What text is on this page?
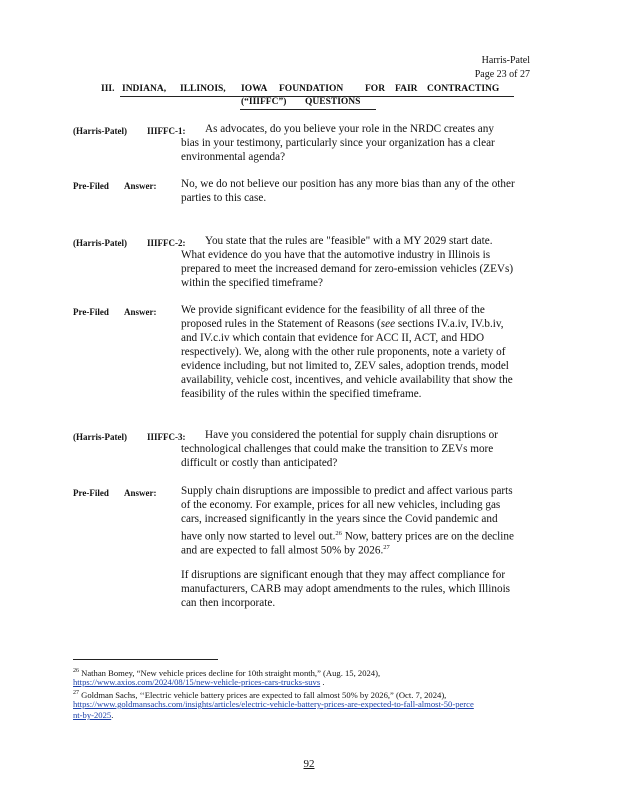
Harris-Patel
Page 23 of 27
III. INDIANA, ILLINOIS, IOWA FOUNDATION FOR FAIR CONTRACTING
(“IIIFFC”) QUESTIONS
(Harris-Patel) IIIFFC-1: As advocates, do you believe your role in the NRDC creates any
bias in your testimony, particularly since your organization has a clear
environmental agenda?
Pre-Filed Answer: No, we do not believe our position has any more bias than any of the other
parties to this case.
(Harris-Patel) IIIFFC-2: You state that the rules are "feasible" with a MY 2029 start date.
What evidence do you have that the automotive industry in Illinois is
prepared to meet the increased demand for zero-emission vehicles (ZEVs)
within the specified timeframe?
Pre-Filed Answer: We provide significant evidence for the feasibility of all three of the
proposed rules in the Statement of Reasons (see sections IV.a.iv, IV.b.iv,
and IV.c.iv which contain that evidence for ACC II, ACT, and HDO
respectively). We, along with the other rule proponents, note a variety of
evidence including, but not limited to, ZEV sales, adoption trends, model
availability, vehicle cost, incentives, and vehicle availability that show the
feasibility of the rules within the specified timeframe.
(Harris-Patel) IIIFFC-3: Have you considered the potential for supply chain disruptions or
technological challenges that could make the transition to ZEVs more
difficult or costly than anticipated?
Pre-Filed Answer: Supply chain disruptions are impossible to predict and affect various parts
of the economy. For example, prices for all new vehicles, including gas
cars, increased significantly in the years since the Covid pandemic and
have only now started to level out.$^{26}$ Now, battery prices are on the decline
and are expected to fall almost 50% by 2026.27
If disruptions are significant enough that they may affect compliance for
manufacturers, CARB may adopt amendments to the rules, which Illinois
can then incorporate.
$^{26}$ Nathan Bomey, “New vehicle prices decline for 10th straight month,” (Aug. 15, 2024),
https://www.axios.com/2024/08/15/new-vehicle-prices-cars-trucks-suvs .
$^{27}$ Goldman Sachs, ‘‘Electric vehicle battery prices are expected to fall almost 50% by 2026,” (Oct. 7, 2024),
https://www.goldmansachs.com/insights/articles/electric-vehicle-battery-prices-are-expected-to-fall-almost-50-perce
nt-by-2025.
92
